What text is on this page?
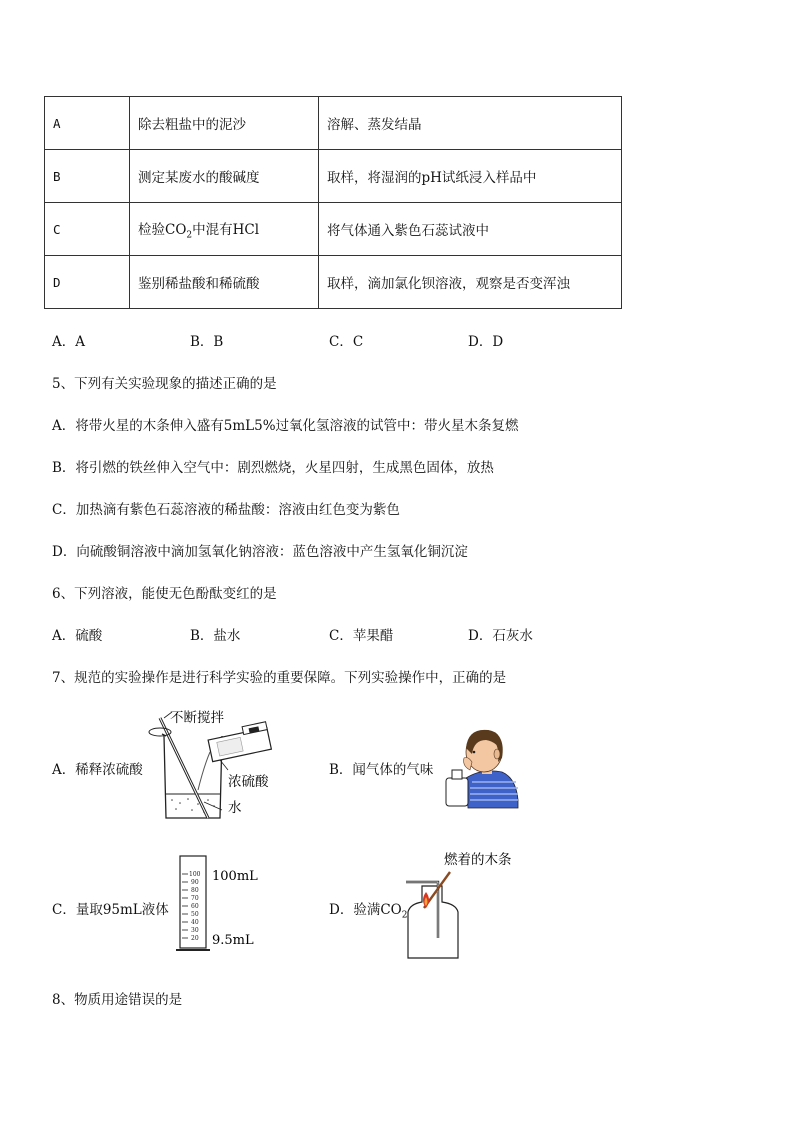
A	除去粗盐中的泥沙	溶解、蒸发结晶
B	测定某废水的酸碱度	取样，将湿润的pH试纸浸入样品中
C	检验$CO_2$中混有HCl	将气体通入紫色石蕊试液中
D	鉴别稀盐酸和稀硫酸	取样，滴加氯化钡溶液，观察是否变浑浊
A．A	B．B	C．C	D．D
5、下列有关实验现象的描述正确的是
A．将带火星的木条伸入盛有5mL5%过氧化氢溶液的试管中：带火星木条复燃
B．将引燃的铁丝伸入空气中：剧烈燃烧，火星四射，生成黑色固体，放热
C．加热滴有紫色石蕊溶液的稀盐酸：溶液由红色变为紫色
D．向硫酸铜溶液中滴加氢氧化钠溶液：蓝色溶液中产生氢氧化铜沉淀
6、下列溶液，能使无色酚酞变红的是
A．硫酸	B．盐水	C．苹果醋	D．石灰水
7、规范的实验操作是进行科学实验的重要保障。下列实验操作中，正确的是
A．稀释浓硫酸
不断搅拌
浓硫酸
水
B．闻气体的气味
C．量取95mL液体
100
90
80
70
60
50
40
30
20
100mL
9.5mL
D．验满$CO_2$
燃着的木条
8、物质用途错误的是
